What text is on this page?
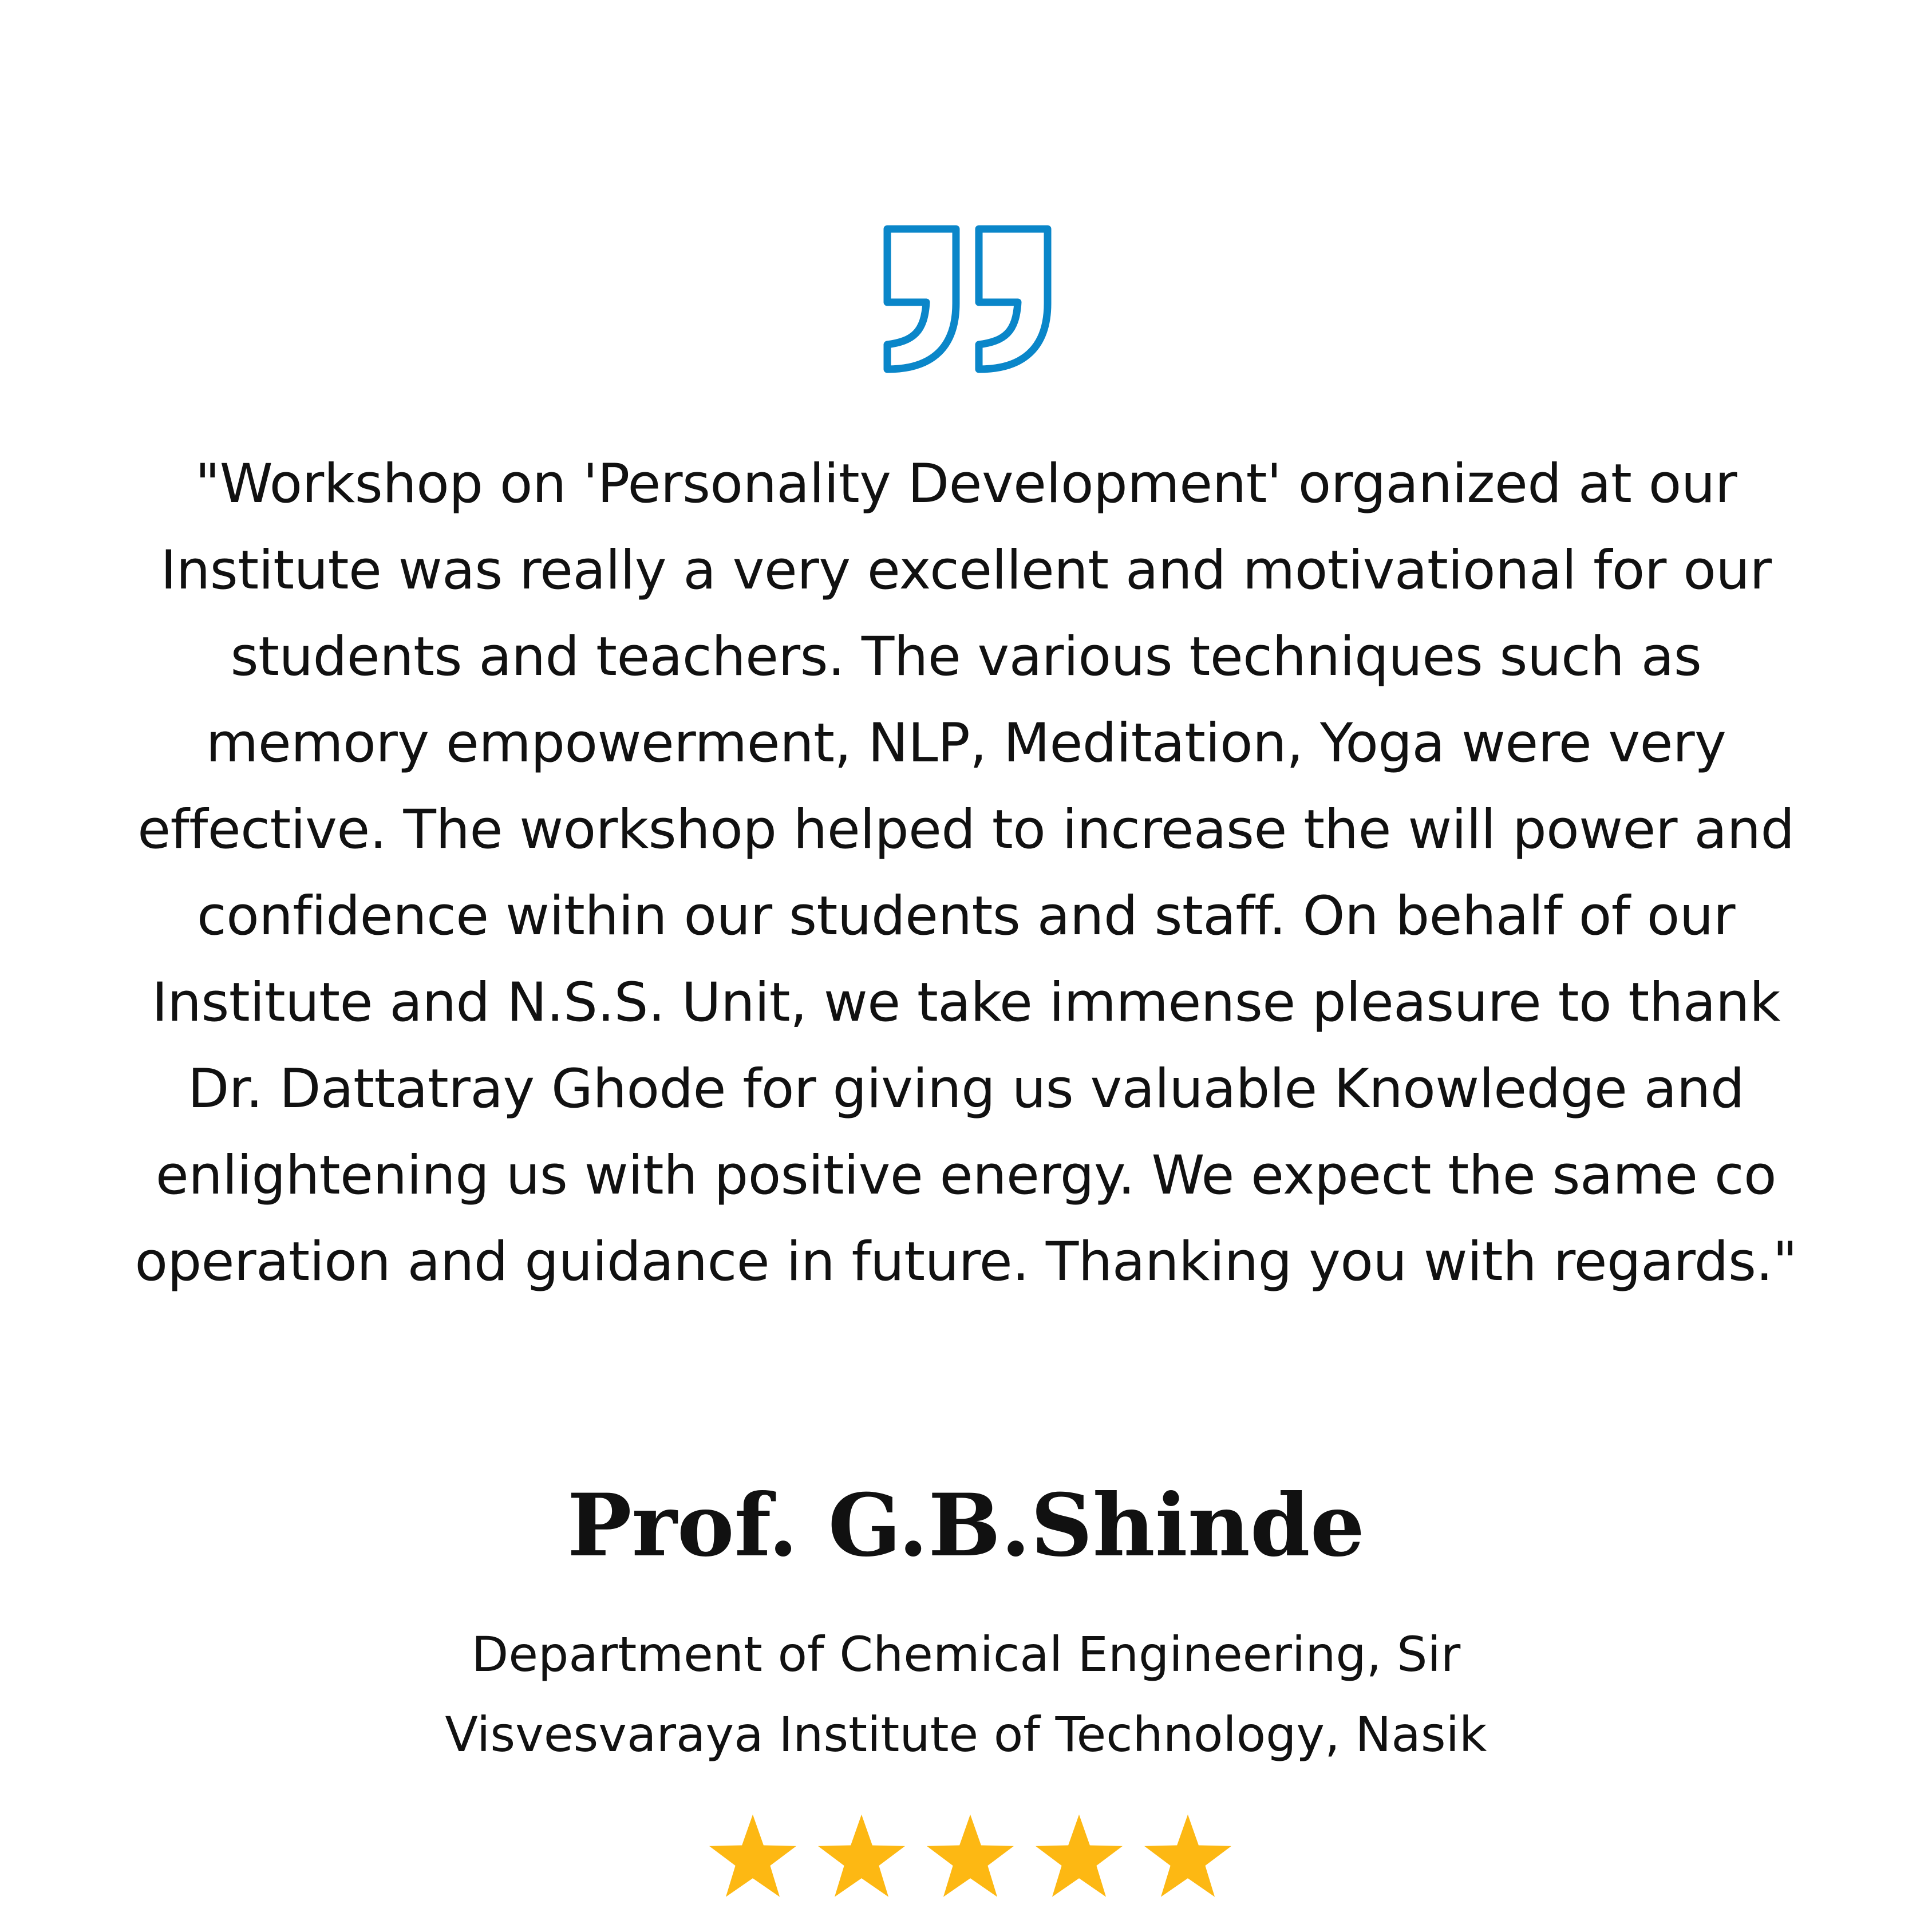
"Workshop on 'Personality Development' organized at our Institute was really a very excellent and motivational for our students and teachers. The various techniques such as memory empowerment, NLP, Meditation, Yoga were very effective. The workshop helped to increase the will power and confidence within our students and staff. On behalf of our Institute and N.S.S. Unit, we take immense pleasure to thank Dr. Dattatray Ghode for giving us valuable Knowledge and enlightening us with positive energy. We expect the same co operation and guidance in future. Thanking you with regards."

Prof. G.B.Shinde
Department of Chemical Engineering, Sir
Visvesvaraya Institute of Technology, Nasik
